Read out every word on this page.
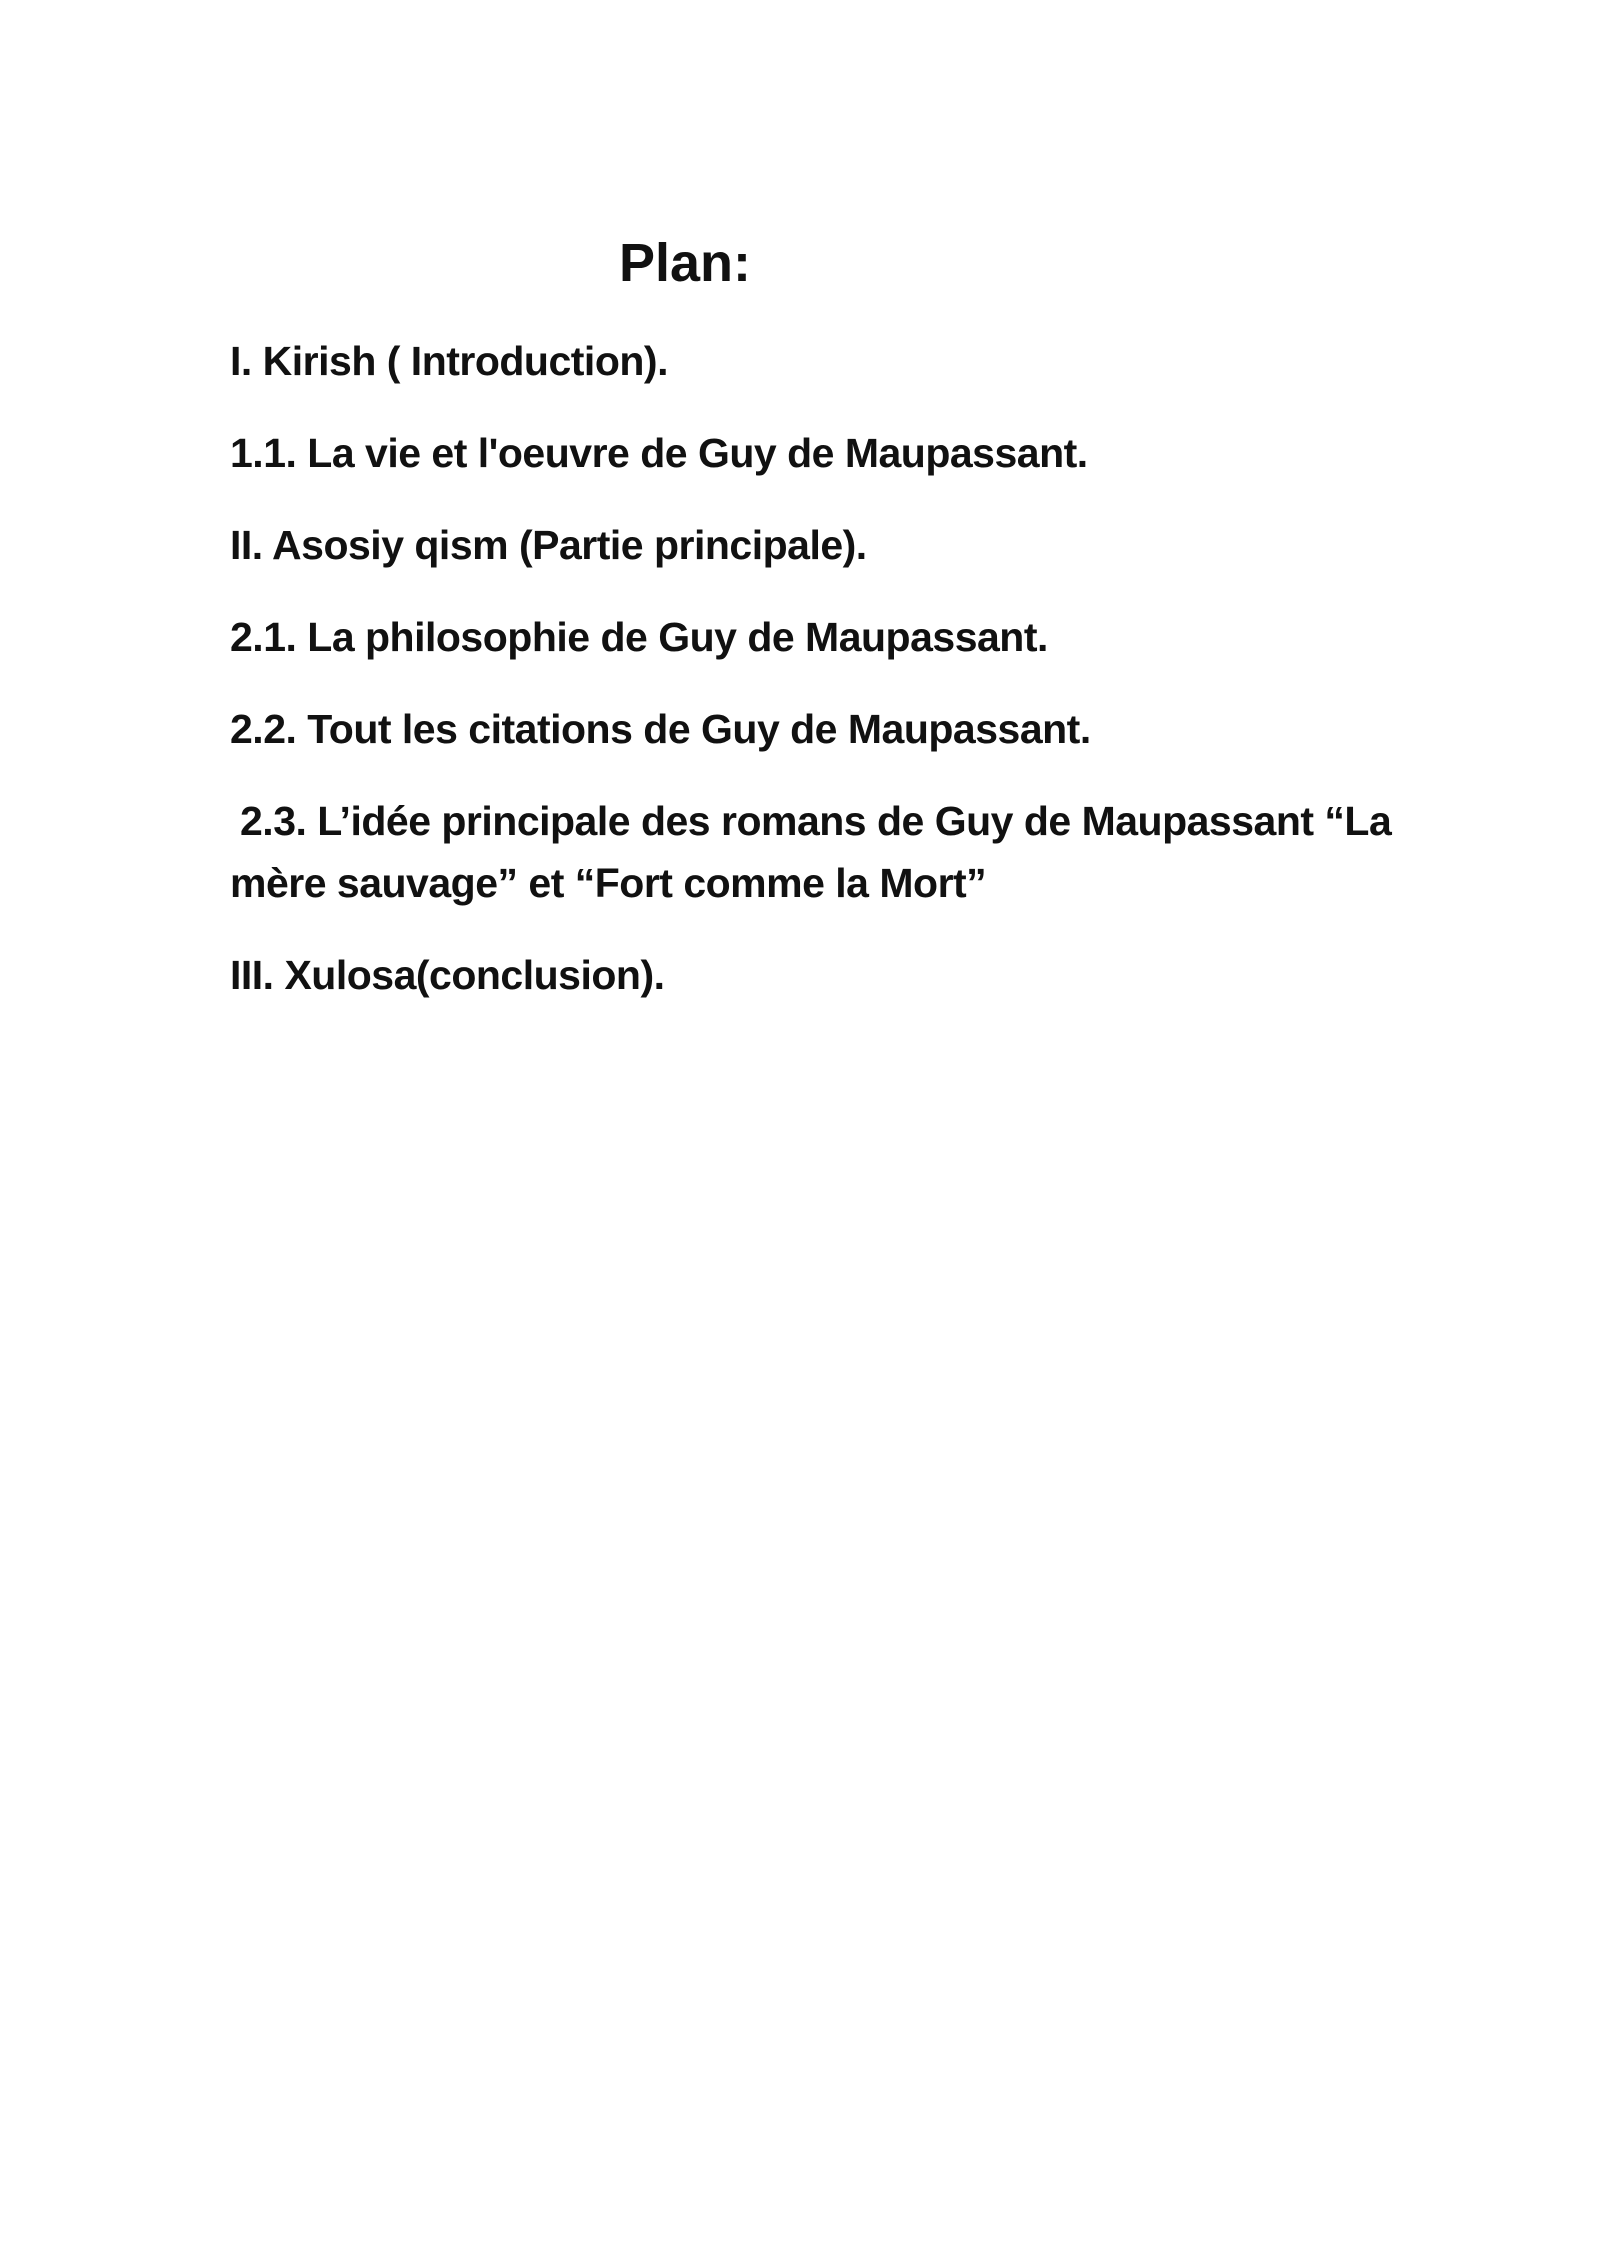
Plan:
I. Kirish ( Introduction).
1.1. La vie et l'oeuvre de Guy de Maupassant.
II. Asosiy qism (Partie principale).
2.1. La philosophie de Guy de Maupassant.
2.2. Tout les citations de Guy de Maupassant.
2.3. L’idée principale des romans de Guy de Maupassant “La
mère sauvage” et “Fort comme la Mort”
III. Xulosa(conclusion).
